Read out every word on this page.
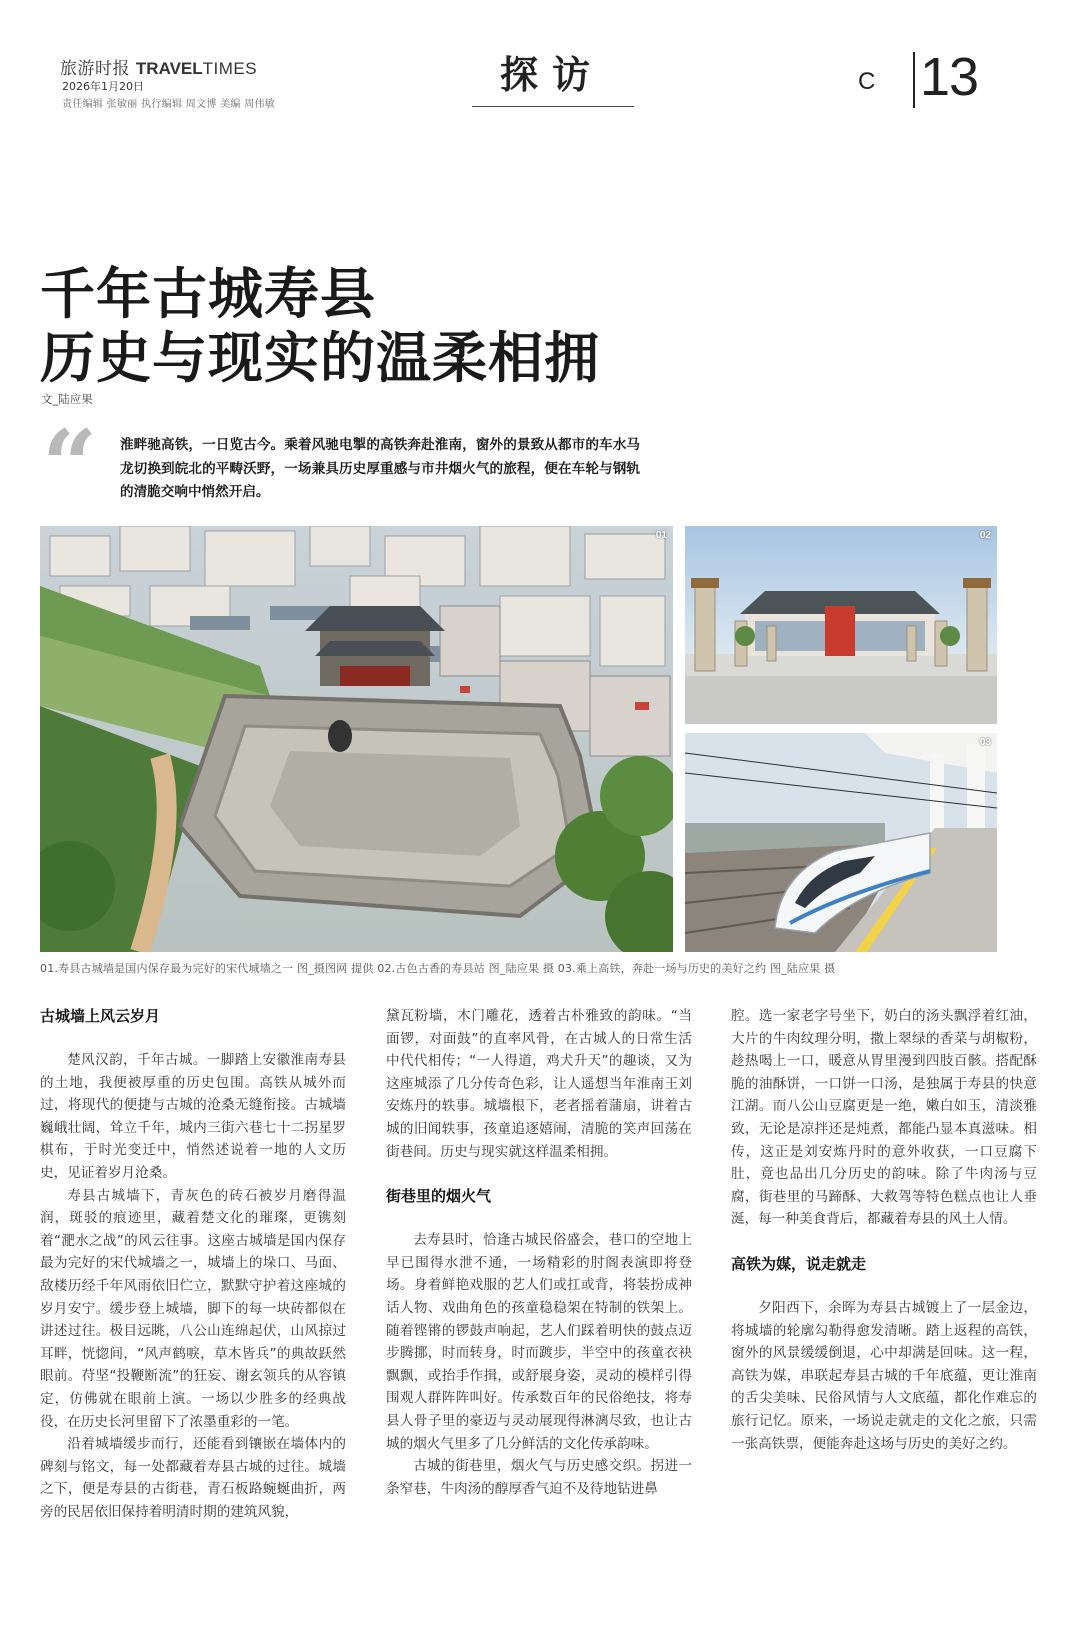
旅游时报 TRAVELTIMES
2026年1月20日
责任编辑 张敏丽 执行编辑 周文博 美编 周伟敏
探访	C 13
千年古城寿县
历史与现实的温柔相拥
文_陆应果
“ 淮畔驰高铁，一日览古今。乘着风驰电掣的高铁奔赴淮南，窗外的景致从都市的车水马龙切换到皖北的平畴沃野，一场兼具历史厚重感与市井烟火气的旅程，便在车轮与钢轨的清脆交响中悄然开启。
01	02
03
01.寿县古城墙是国内保存最为完好的宋代城墙之一 图_摄图网 提供 02.古色古香的寿县站 图_陆应果 摄 03.乘上高铁，奔赴一场与历史的美好之约 图_陆应果 摄
古城墙上风云岁月

楚风汉韵，千年古城。一脚踏上安徽淮南寿县的土地，我便被厚重的历史包围。高铁从城外而过，将现代的便捷与古城的沧桑无缝衔接。古城墙巍峨壮阔，耸立千年，城内三街六巷七十二拐星罗棋布，于时光变迁中，悄然述说着一地的人文历史，见证着岁月沧桑。

寿县古城墙下，青灰色的砖石被岁月磨得温润，斑驳的痕迹里，藏着楚文化的璀璨，更镌刻着“淝水之战”的风云往事。这座古城墙是国内保存最为完好的宋代城墙之一，城墙上的垛口、马面、敌楼历经千年风雨依旧伫立，默默守护着这座城的岁月安宁。缓步登上城墙，脚下的每一块砖都似在讲述过往。极目远眺，八公山连绵起伏，山风掠过耳畔，恍惚间，“风声鹤唳，草木皆兵”的典故跃然眼前。苻坚“投鞭断流”的狂妄、谢玄领兵的从容镇定，仿佛就在眼前上演。一场以少胜多的经典战役，在历史长河里留下了浓墨重彩的一笔。

沿着城墙缓步而行，还能看到镶嵌在墙体内的碑刻与铭文，每一处都藏着寿县古城的过往。城墙之下，便是寿县的古街巷，青石板路蜿蜒曲折，两旁的民居依旧保持着明清时期的建筑风貌，

黛瓦粉墙，木门雕花，透着古朴雅致的韵味。“当面锣，对面鼓”的直率风骨，在古城人的日常生活中代代相传；“一人得道，鸡犬升天”的趣谈，又为这座城添了几分传奇色彩，让人遥想当年淮南王刘安炼丹的轶事。城墙根下，老者摇着蒲扇，讲着古城的旧闻轶事，孩童追逐嬉闹，清脆的笑声回荡在街巷间。历史与现实就这样温柔相拥。

街巷里的烟火气

去寿县时，恰逢古城民俗盛会，巷口的空地上早已围得水泄不通，一场精彩的肘阁表演即将登场。身着鲜艳戏服的艺人们或扛或背，将装扮成神话人物、戏曲角色的孩童稳稳架在特制的铁架上。随着铿锵的锣鼓声响起，艺人们踩着明快的鼓点迈步腾挪，时而转身，时而踱步，半空中的孩童衣袂飘飘，或抬手作揖，或舒展身姿，灵动的模样引得围观人群阵阵叫好。传承数百年的民俗绝技，将寿县人骨子里的豪迈与灵动展现得淋漓尽致，也让古城的烟火气里多了几分鲜活的文化传承韵味。

古城的街巷里，烟火气与历史感交织。拐进一条窄巷，牛肉汤的醇厚香气迫不及待地钻进鼻

腔。选一家老字号坐下，奶白的汤头飘浮着红油，大片的牛肉纹理分明，撒上翠绿的香菜与胡椒粉，趁热喝上一口，暖意从胃里漫到四肢百骸。搭配酥脆的油酥饼，一口饼一口汤，是独属于寿县的快意江湖。而八公山豆腐更是一绝，嫩白如玉，清淡雅致，无论是凉拌还是炖煮，都能凸显本真滋味。相传，这正是刘安炼丹时的意外收获，一口豆腐下肚，竟也品出几分历史的韵味。除了牛肉汤与豆腐，街巷里的马蹄酥、大救驾等特色糕点也让人垂涎，每一种美食背后，都藏着寿县的风土人情。

高铁为媒，说走就走

夕阳西下，余晖为寿县古城镀上了一层金边，将城墙的轮廓勾勒得愈发清晰。踏上返程的高铁，窗外的风景缓缓倒退，心中却满是回味。这一程，高铁为媒，串联起寿县古城的千年底蕴，更让淮南的舌尖美味、民俗风情与人文底蕴，都化作难忘的旅行记忆。原来，一场说走就走的文化之旅，只需一张高铁票，便能奔赴这场与历史的美好之约。
